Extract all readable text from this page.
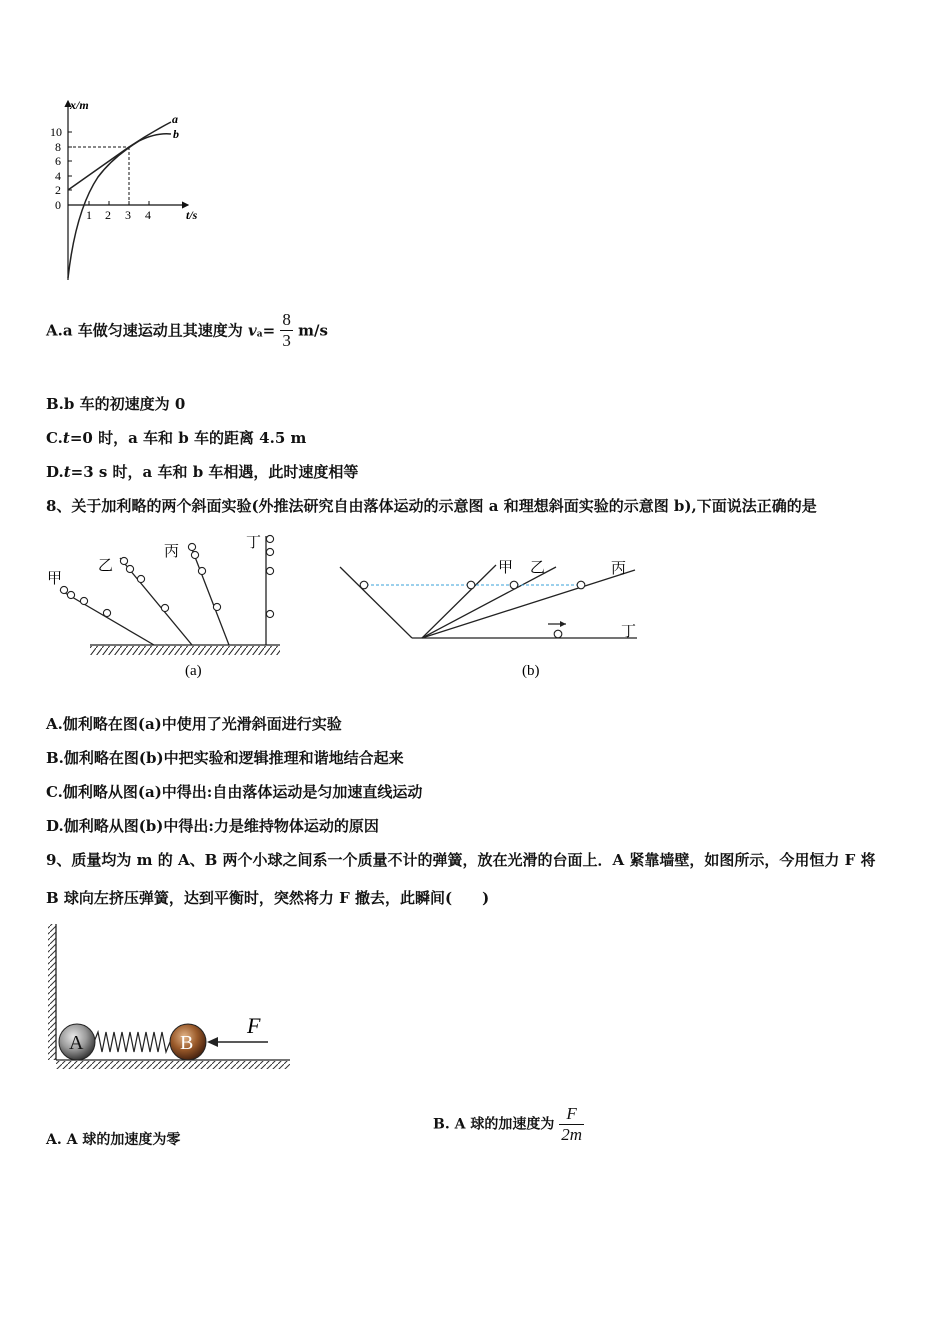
x/m
t/s
10
8
6
4
2
0
1 2 3 4
a
b
A.a 车做匀速运动且其速度为 $v_a= \frac{8}{3} m/s$
B.b 车的初速度为 0
C.t=0 时，a 车和 b 车的距离 4.5 m
D.t=3 s 时，a 车和 b 车相遇，此时速度相等
8、关于加利略的两个斜面实验(外推法研究自由落体运动的示意图 a 和理想斜面实验的示意图 b),下面说法正确的是
甲
乙
丙
丁
(a)
甲 乙	丙
丁
(b)
A.伽利略在图(a)中使用了光滑斜面进行实验
B.伽利略在图(b)中把实验和逻辑推理和谐地结合起来
C.伽利略从图(a)中得出:自由落体运动是匀加速直线运动
D.伽利略从图(b)中得出:力是维持物体运动的原因
9、质量均为 m 的 A、B 两个小球之间系一个质量不计的弹簧，放在光滑的台面上．A 紧靠墙壁，如图所示，今用恒力 F 将
B 球向左挤压弹簧，达到平衡时，突然将力 F 撤去，此瞬间(　　)
A	B
F
A. A 球的加速度为零
B. A 球的加速度为 $\frac{F}{2m}$
